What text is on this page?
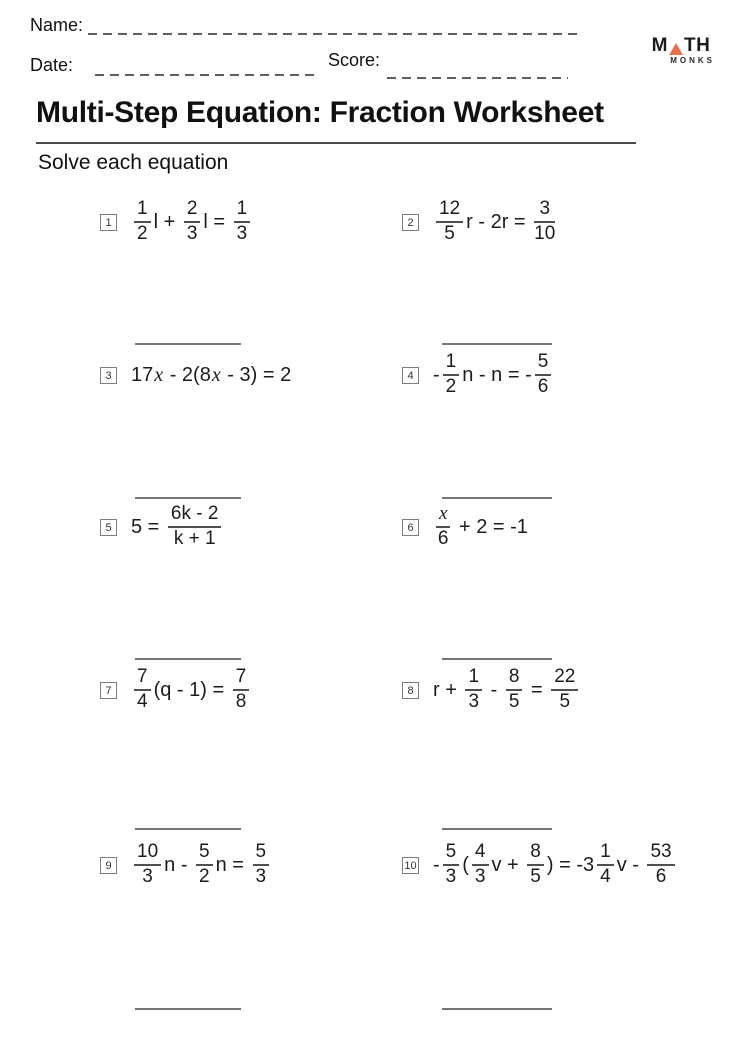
Name:
Date:	Score:
M TH
MONKS
Multi-Step Equation: Fraction Worksheet
Solve each equation
$1 \frac{1}{2}$ $l + \frac{2}{3}$ $l = \frac{1}{3}$	$2 \frac{12}{5}$ $r - 2r = \frac{3}{10}$
3 17 x - 2(8 x - 3) = 2	$4 - \frac{1}{2}$ n - n = - $\frac{5}{6}$
5 $5 = \frac{6k - 2}{k + 1}$	$6 \frac{x}{6} + 2 = -1$
$7 \frac{7}{4} (q - 1) = \frac{7}{8}$	8 $r + \frac{1}{3} - \frac{8}{5} = \frac{22}{5}$
$9 \frac{10}{3}$ n - $\frac{5}{2}$ $n = \frac{5}{3}$	$10 - \frac{5}{3}$ ( $\frac{4}{3}$ $v + \frac{8}{5}$ ) = $-3 \frac{1}{4}$ v - $\frac{53}{6}$
